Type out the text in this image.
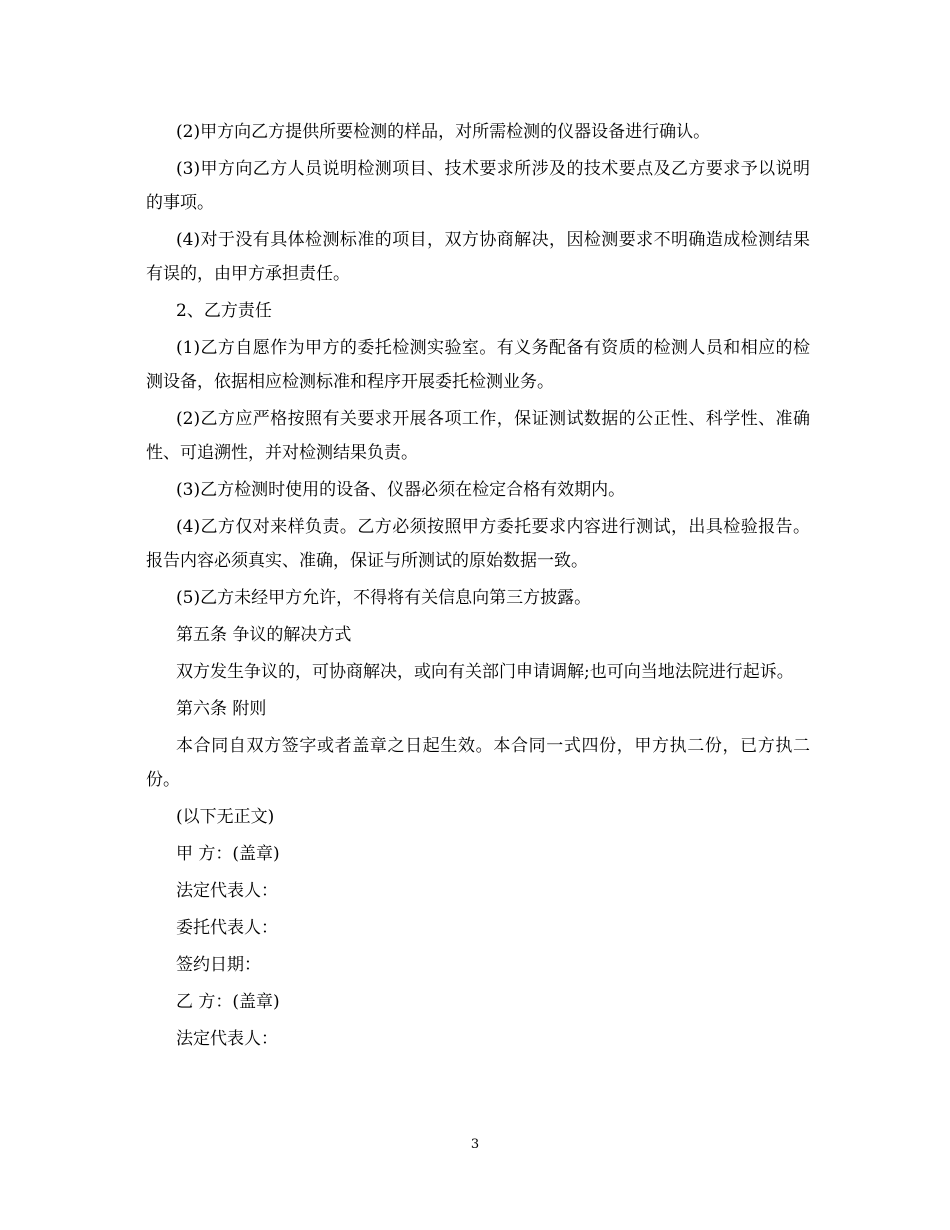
(2)甲方向乙方提供所要检测的样品，对所需检测的仪器设备进行确认。

(3)甲方向乙方人员说明检测项目、技术要求所涉及的技术要点及乙方要求予以说明的事项。

(4)对于没有具体检测标准的项目，双方协商解决，因检测要求不明确造成检测结果有误的，由甲方承担责任。

2、乙方责任

(1)乙方自愿作为甲方的委托检测实验室。有义务配备有资质的检测人员和相应的检测设备，依据相应检测标准和程序开展委托检测业务。

(2)乙方应严格按照有关要求开展各项工作，保证测试数据的公正性、科学性、准确性、可追溯性，并对检测结果负责。

(3)乙方检测时使用的设备、仪器必须在检定合格有效期内。

(4)乙方仅对来样负责。乙方必须按照甲方委托要求内容进行测试，出具检验报告。报告内容必须真实、准确，保证与所测试的原始数据一致。

(5)乙方未经甲方允许，不得将有关信息向第三方披露。

第五条 争议的解决方式

双方发生争议的，可协商解决，或向有关部门申请调解;也可向当地法院进行起诉。

第六条 附则

本合同自双方签字或者盖章之日起生效。本合同一式四份，甲方执二份，已方执二份。

(以下无正文)

甲 方：(盖章)

法定代表人：

委托代表人：

签约日期：

乙 方：(盖章)

法定代表人：

3
